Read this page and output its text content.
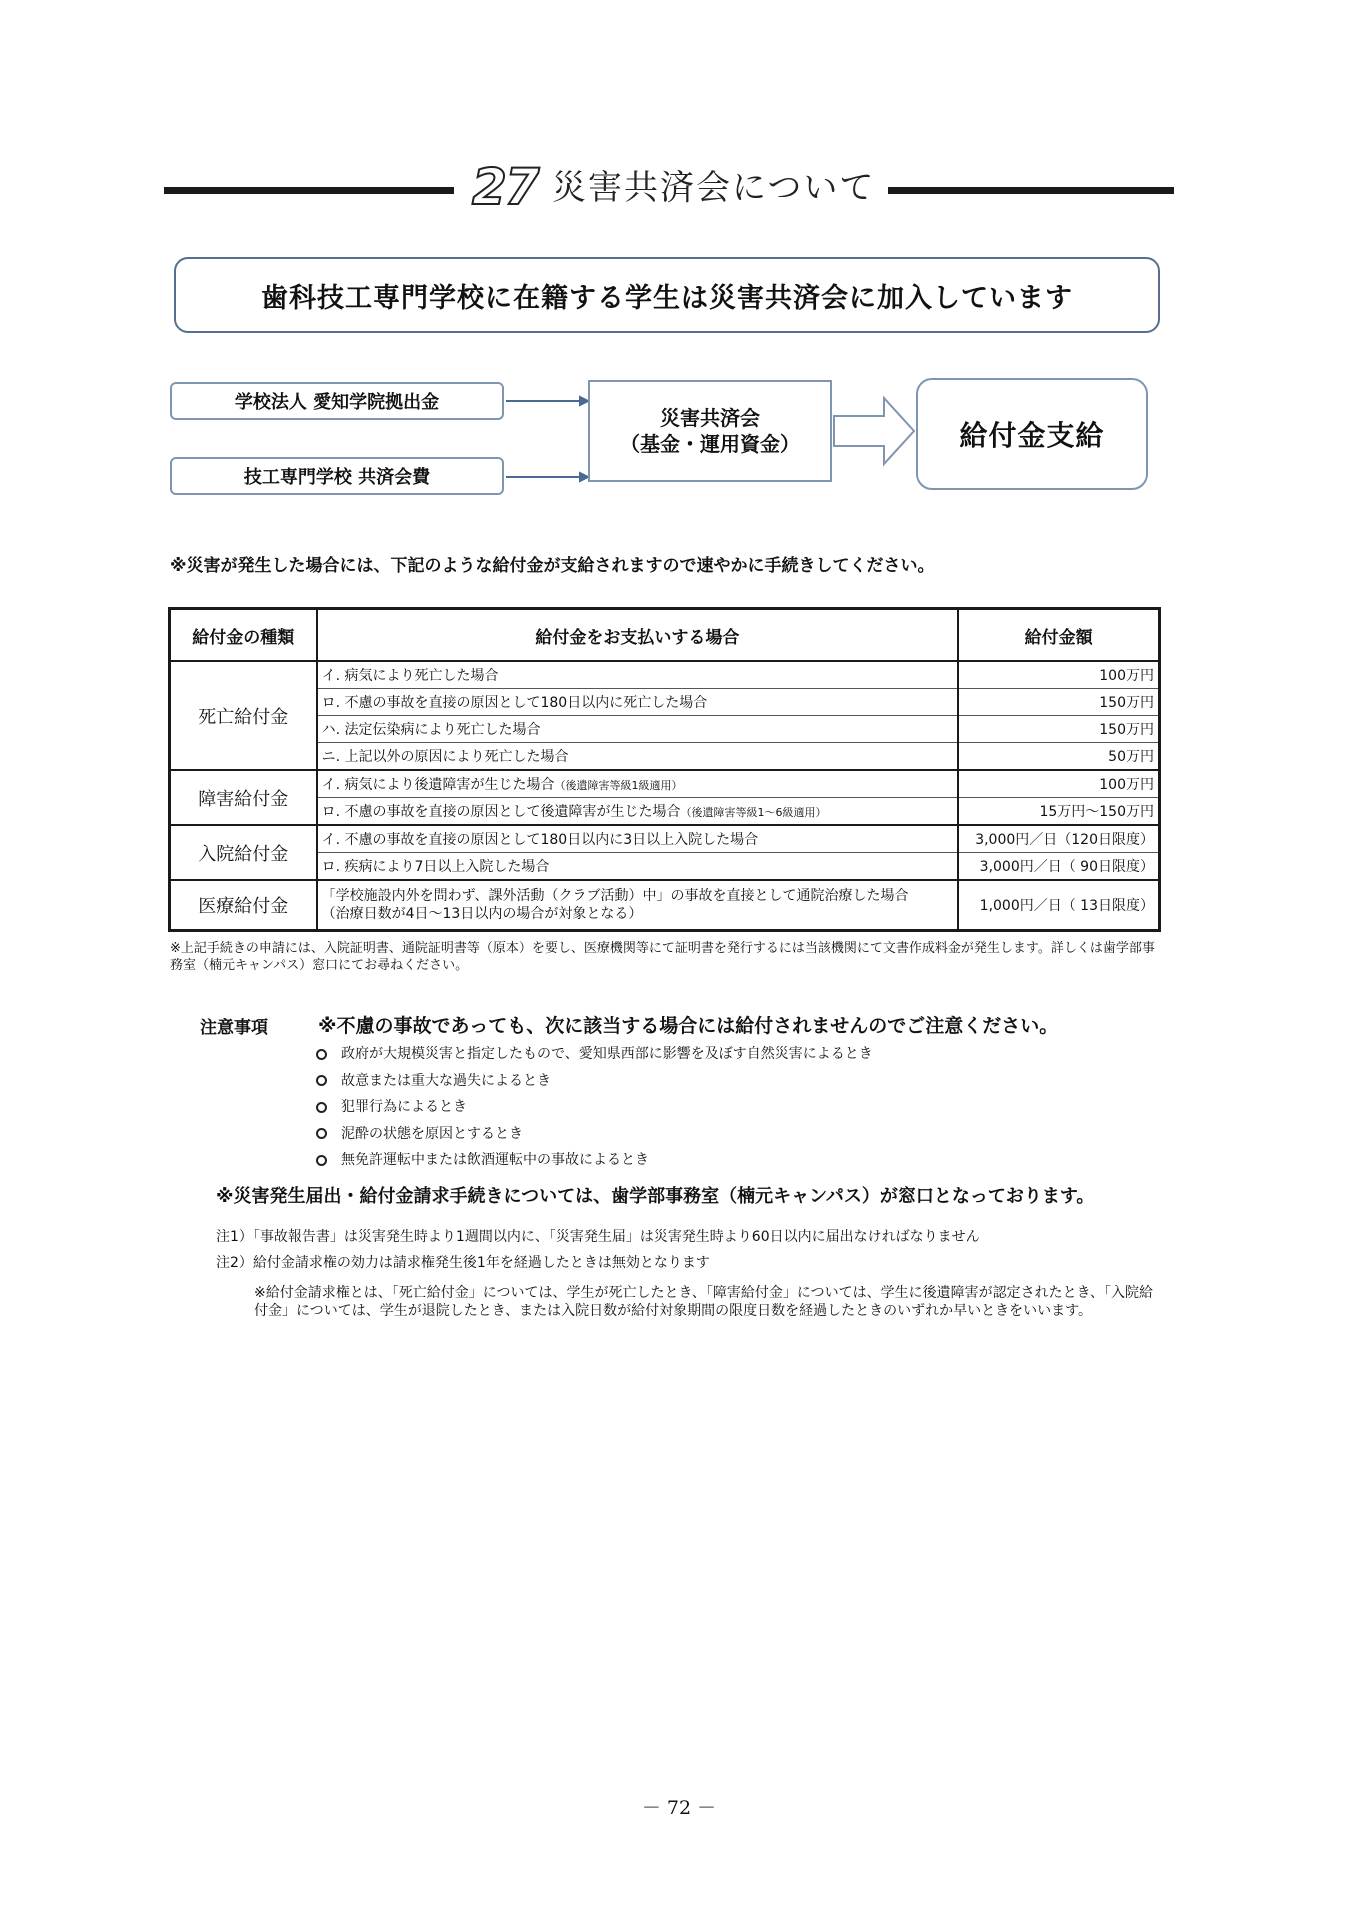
27 災害共済会について
歯科技工専門学校に在籍する学生は災害共済会に加入しています
学校法人 愛知学院拠出金
技工専門学校 共済会費
災害共済会
（基金・運用資金）	給付金支給
※災害が発生した場合には、下記のような給付金が支給されますので速やかに手続きしてください。
給付金の種類	給付金をお支払いする場合	給付金額
死亡給付金	イ. 病気により死亡した場合	100万円
	ロ. 不慮の事故を直接の原因として180日以内に死亡した場合	150万円
	ハ. 法定伝染病により死亡した場合	150万円
	ニ. 上記以外の原因により死亡した場合	50万円
障害給付金	イ. 病気により後遺障害が生じた場合（後遺障害等級1級適用）	100万円
	ロ. 不慮の事故を直接の原因として後遺障害が生じた場合（後遺障害等級1～6級適用）	15万円～150万円
入院給付金	イ. 不慮の事故を直接の原因として180日以内に3日以上入院した場合	3,000円／日（120日限度）
	ロ. 疾病により7日以上入院した場合	3,000円／日（ 90日限度）
医療給付金	「学校施設内外を問わず、課外活動（クラブ活動）中」の事故を直接として通院治療した場合
（治療日数が4日～13日以内の場合が対象となる）	1,000円／日（ 13日限度）
※上記手続きの申請には、入院証明書、通院証明書等（原本）を要し、医療機関等にて証明書を発行するには当該機関にて文書作成料金が発生します。詳しくは歯学部事務室（楠元キャンパス）窓口にてお尋ねください。
注意事項	※不慮の事故であっても、次に該当する場合には給付されませんのでご注意ください。
政府が大規模災害と指定したもので、愛知県西部に影響を及ぼす自然災害によるとき
故意または重大な過失によるとき
犯罪行為によるとき
泥酔の状態を原因とするとき
無免許運転中または飲酒運転中の事故によるとき
※災害発生届出・給付金請求手続きについては、歯学部事務室（楠元キャンパス）が窓口となっております。
注1）「事故報告書」は災害発生時より1週間以内に、「災害発生届」は災害発生時より60日以内に届出なければなりません
注2）給付金請求権の効力は請求権発生後1年を経過したときは無効となります
※給付金請求権とは、「死亡給付金」については、学生が死亡したとき、「障害給付金」については、学生に後遺障害が認定されたとき、「入院給付金」については、学生が退院したとき、または入院日数が給付対象期間の限度日数を経過したときのいずれか早いときをいいます。
－ 72 －
